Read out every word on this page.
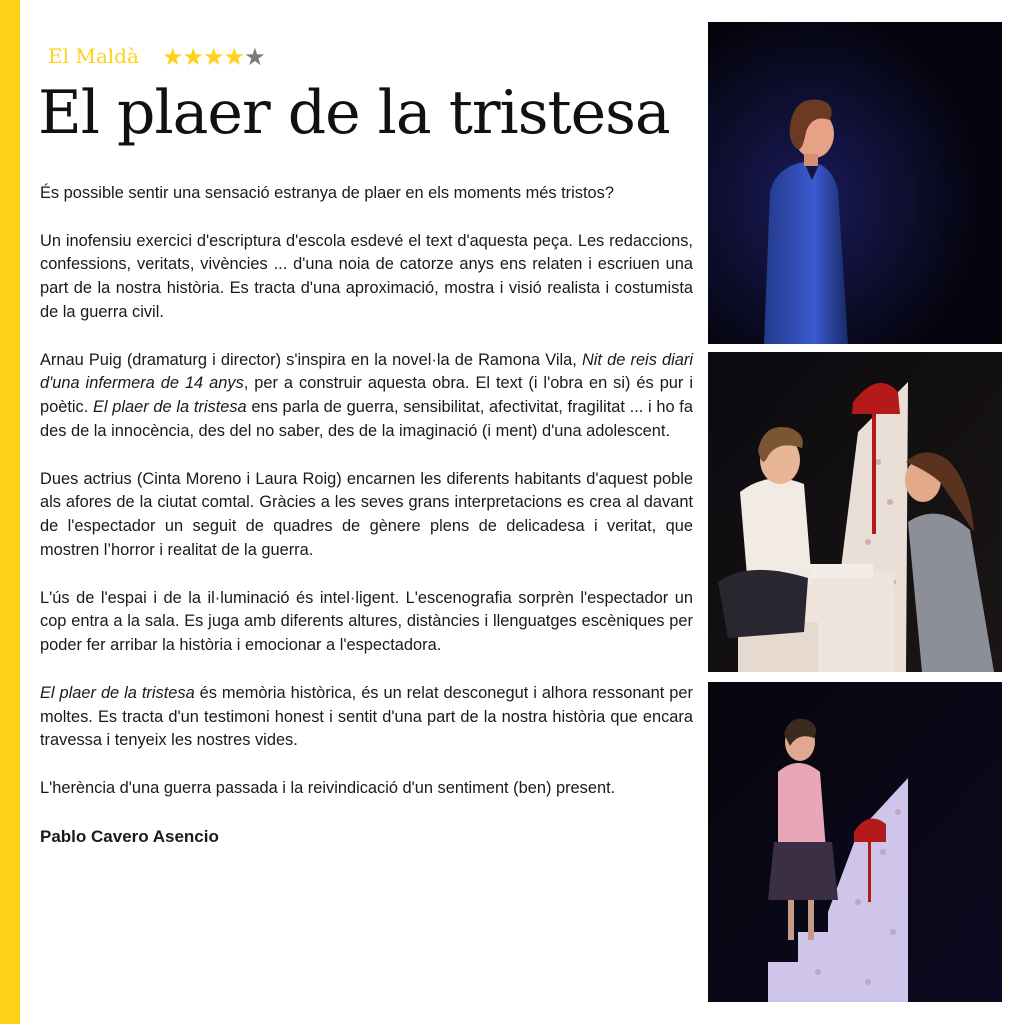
El Maldà ★★★★★
El plaer de la tristesa

És possible sentir una sensació estranya de plaer en els moments més tristos?

Un inofensiu exercici d'escriptura d'escola esdevé el text d'aquesta peça. Les redaccions, confessions, veritats, vivències ... d'una noia de catorze anys ens relaten i escriuen una part de la nostra història. Es tracta d'una aproximació, mostra i visió realista i costumista de la guerra civil.

Arnau Puig (dramaturg i director) s'inspira en la novel·la de Ramona Vila, Nit de reis diari d'una infermera de 14 anys, per a construir aquesta obra. El text (i l'obra en si) és pur i poètic. El plaer de la tristesa ens parla de guerra, sensibilitat, afectivitat, fragilitat ... i ho fa des de la innocència, des del no saber, des de la imaginació (i ment) d'una adolescent.

Dues actrius (Cinta Moreno i Laura Roig) encarnen les diferents habitants d'aquest poble als afores de la ciutat comtal. Gràcies a les seves grans interpretacions es crea al davant de l'espectador un seguit de quadres de gènere plens de delicadesa i veritat, que mostren l’horror i realitat de la guerra.

L'ús de l'espai i de la il·luminació és intel·ligent. L'escenografia sorprèn l'espectador un cop entra a la sala. Es juga amb diferents altures, distàncies i llenguatges escèniques per poder fer arribar la història i emocionar a l'espectadora.

El plaer de la tristesa és memòria històrica, és un relat desconegut i alhora ressonant per moltes. Es tracta d'un testimoni honest i sentit d'una part de la nostra història que encara travessa i tenyeix les nostres vides.

L'herència d'una guerra passada i la reivindicació d'un sentiment (ben) present.

Pablo Cavero Asencio
